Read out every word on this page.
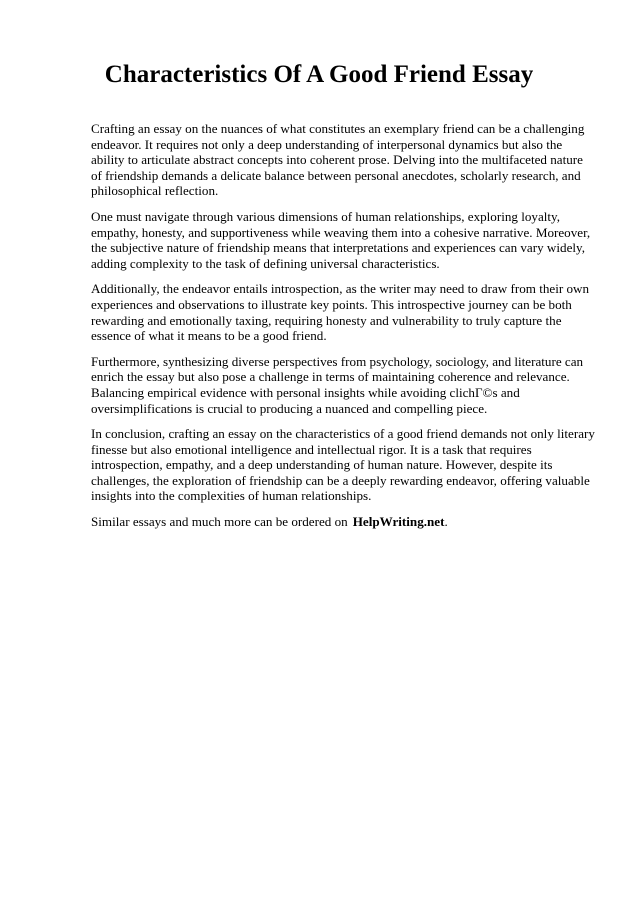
Characteristics Of A Good Friend Essay

Crafting an essay on the nuances of what constitutes an exemplary friend can be a challenging endeavor. It requires not only a deep understanding of interpersonal dynamics but also the ability to articulate abstract concepts into coherent prose. Delving into the multifaceted nature of friendship demands a delicate balance between personal anecdotes, scholarly research, and philosophical reflection.

One must navigate through various dimensions of human relationships, exploring loyalty, empathy, honesty, and supportiveness while weaving them into a cohesive narrative. Moreover, the subjective nature of friendship means that interpretations and experiences can vary widely, adding complexity to the task of defining universal characteristics.

Additionally, the endeavor entails introspection, as the writer may need to draw from their own experiences and observations to illustrate key points. This introspective journey can be both rewarding and emotionally taxing, requiring honesty and vulnerability to truly capture the essence of what it means to be a good friend.

Furthermore, synthesizing diverse perspectives from psychology, sociology, and literature can enrich the essay but also pose a challenge in terms of maintaining coherence and relevance. Balancing empirical evidence with personal insights while avoiding clichГ©s and oversimplifications is crucial to producing a nuanced and compelling piece.

In conclusion, crafting an essay on the characteristics of a good friend demands not only literary finesse but also emotional intelligence and intellectual rigor. It is a task that requires introspection, empathy, and a deep understanding of human nature. However, despite its challenges, the exploration of friendship can be a deeply rewarding endeavor, offering valuable insights into the complexities of human relationships.

Similar essays and much more can be ordered on HelpWriting.net.
